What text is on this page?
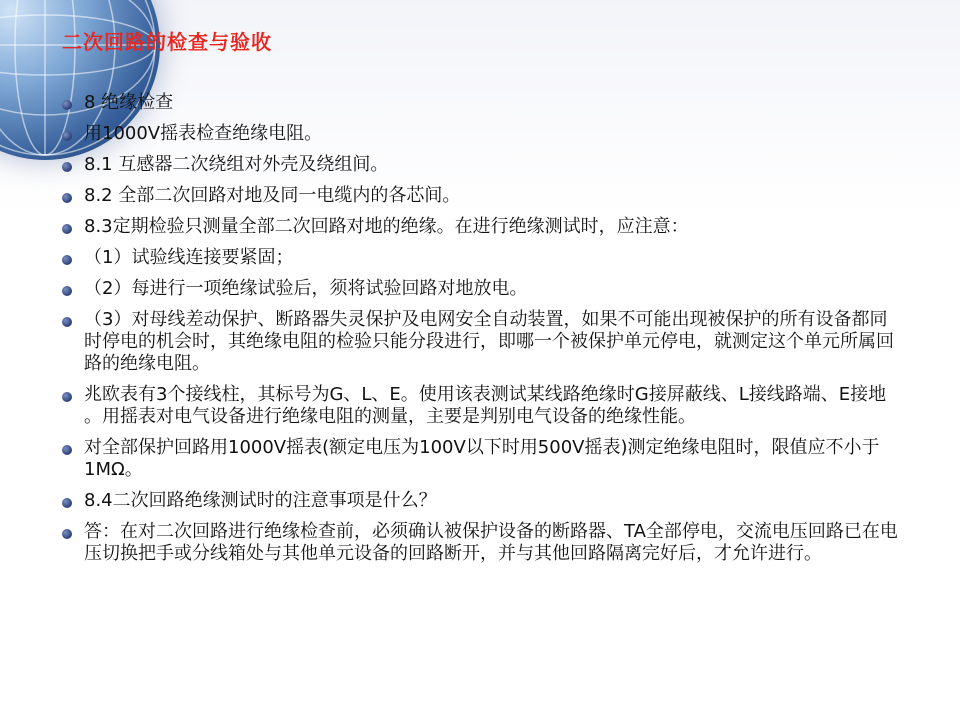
二次回路的检查与验收
8 绝缘检查
用1000V摇表检查绝缘电阻。
8.1 互感器二次绕组对外壳及绕组间。
8.2 全部二次回路对地及同一电缆内的各芯间。
8.3定期检验只测量全部二次回路对地的绝缘。在进行绝缘测试时，应注意：
（1）试验线连接要紧固；
（2）每进行一项绝缘试验后，须将试验回路对地放电。
（3）对母线差动保护、断路器失灵保护及电网安全自动装置，如果不可能出现被保护的所有设备都同时停电的机会时，其绝缘电阻的检验只能分段进行，即哪一个被保护单元停电，就测定这个单元所属回路的绝缘电阻。
兆欧表有3个接线柱，其标号为G、L、E。使用该表测试某线路绝缘时G接屏蔽线、L接线路端、E接地 。用摇表对电气设备进行绝缘电阻的测量，主要是判别电气设备的绝缘性能。
对全部保护回路用1000V摇表(额定电压为100V以下时用500V摇表)测定绝缘电阻时，限值应不小于1MΩ。
8.4二次回路绝缘测试时的注意事项是什么？
答：在对二次回路进行绝缘检查前，必须确认被保护设备的断路器、TA全部停电，交流电压回路已在电压切换把手或分线箱处与其他单元设备的回路断开，并与其他回路隔离完好后，才允许进行。
